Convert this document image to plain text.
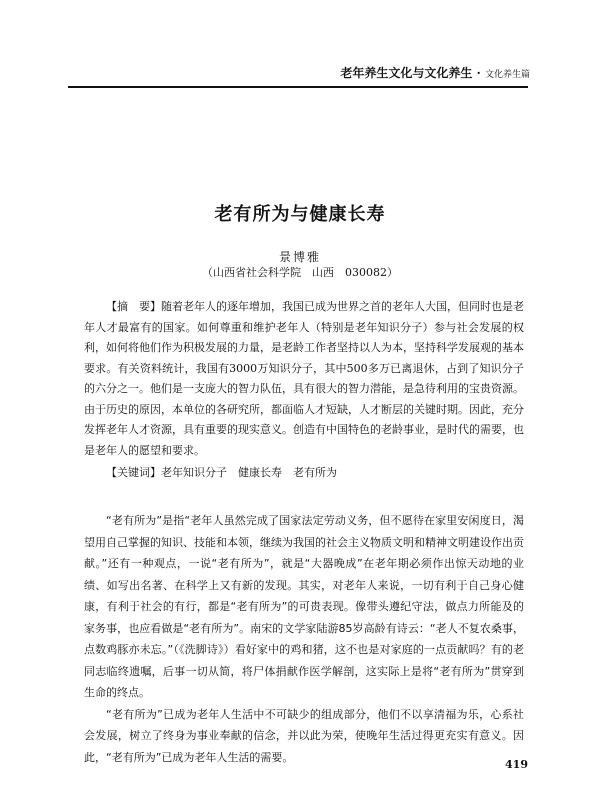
老年养生文化与文化养生 · 文化养生篇
老有所为与健康长寿
景博雅
（山西省社会科学院　山西　030082）

【摘　要】随着老年人的逐年增加，我国已成为世界之首的老年人大国，但同时也是老年人才最富有的国家。如何尊重和维护老年人（特别是老年知识分子）参与社会发展的权利，如何将他们作为积极发展的力量，是老龄工作者坚持以人为本，坚持科学发展观的基本要求。有关资料统计，我国有3000万知识分子，其中500多万已离退休，占到了知识分子的六分之一。他们是一支庞大的智力队伍，具有很大的智力潜能，是急待利用的宝贵资源。由于历史的原因，本单位的各研究所，都面临人才短缺，人才断层的关键时期。因此，充分发挥老年人才资源，具有重要的现实意义。创造有中国特色的老龄事业，是时代的需要，也是老年人的愿望和要求。

【关键词】老年知识分子　健康长寿　老有所为

“老有所为”是指“老年人虽然完成了国家法定劳动义务，但不愿待在家里安闲度日，渴望用自己掌握的知识、技能和本领，继续为我国的社会主义物质文明和精神文明建设作出贡献。”还有一种观点，一说“老有所为”，就是“大器晚成”在老年期必须作出惊天动地的业绩、如写出名著、在科学上又有新的发现。其实，对老年人来说，一切有利于自己身心健康，有利于社会的有行，都是“老有所为”的可贵表现。像带头遵纪守法，做点力所能及的家务事，也应看做是“老有所为”。南宋的文学家陆游85岁高龄有诗云：“老人不复农桑事，点数鸡豚亦未忘。”（《洗脚诗》）看好家中的鸡和猪，这不也是对家庭的一点贡献吗？有的老同志临终遗嘱，后事一切从简，将尸体捐献作医学解剖，这实际上是将“老有所为”贯穿到生命的终点。

“老有所为”已成为老年人生活中不可缺少的组成部分，他们不以享清福为乐，心系社会发展，树立了终身为事业奉献的信念，并以此为荣，使晚年生活过得更充实有意义。因此，“老有所为”已成为老年人生活的需要。

419
